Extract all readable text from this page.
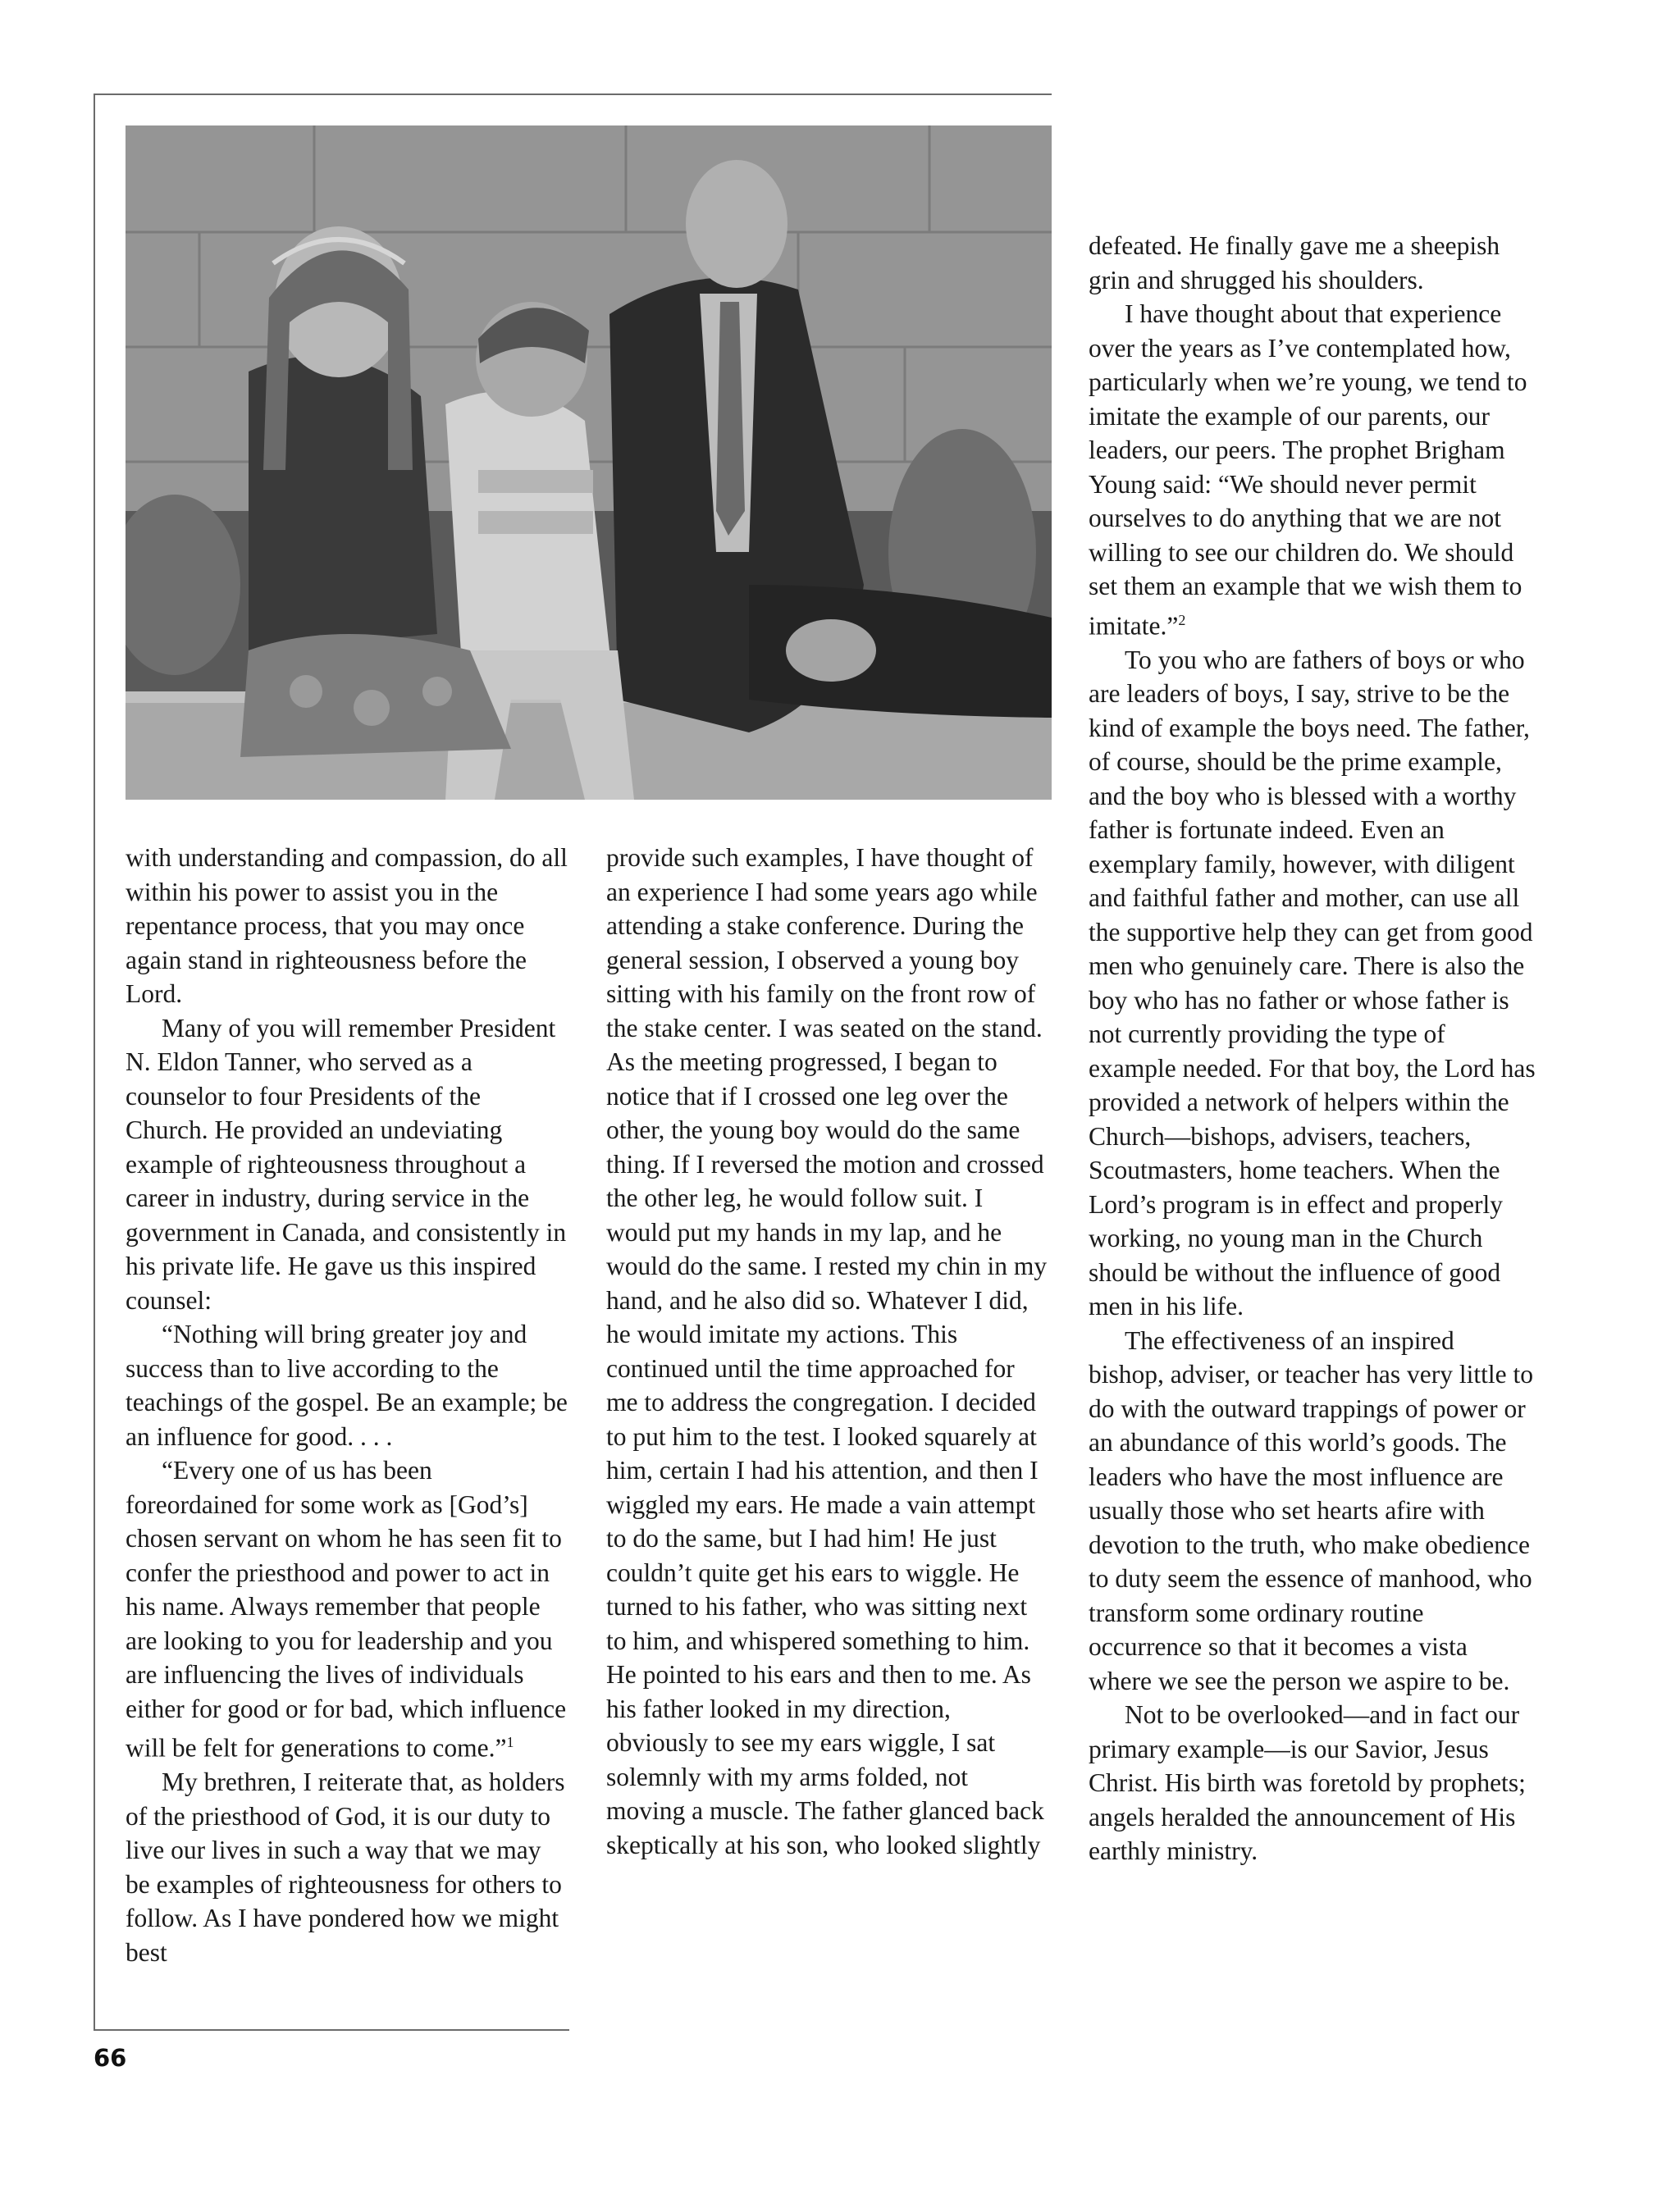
with understanding and compassion, do all within his power to assist you in the repentance process, that you may once again stand in righteousness before the Lord.

Many of you will remember President N. Eldon Tanner, who served as a counselor to four Presidents of the Church. He provided an undeviating example of righteousness throughout a career in industry, during service in the government in Canada, and consistently in his private life. He gave us this inspired counsel:

“Nothing will bring greater joy and success than to live according to the teachings of the gospel. Be an example; be an influence for good. . . .

“Every one of us has been foreordained for some work as [God’s] chosen servant on whom he has seen fit to confer the priesthood and power to act in his name. Always remember that people are looking to you for leadership and you are influencing the lives of individuals either for good or for bad, which influence will be felt for generations to come.”$^1$

My brethren, I reiterate that, as holders of the priesthood of God, it is our duty to live our lives in such a way that we may be examples of righteousness for others to follow. As I have pondered how we might best

provide such examples, I have thought of an experience I had some years ago while attending a stake conference. During the general session, I observed a young boy sitting with his family on the front row of the stake center. I was seated on the stand. As the meeting progressed, I began to notice that if I crossed one leg over the other, the young boy would do the same thing. If I reversed the motion and crossed the other leg, he would follow suit. I would put my hands in my lap, and he would do the same. I rested my chin in my hand, and he also did so. Whatever I did, he would imitate my actions. This continued until the time approached for me to address the congregation. I decided to put him to the test. I looked squarely at him, certain I had his attention, and then I wiggled my ears. He made a vain attempt to do the same, but I had him! He just couldn’t quite get his ears to wiggle. He turned to his father, who was sitting next to him, and whispered something to him. He pointed to his ears and then to me. As his father looked in my direction, obviously to see my ears wiggle, I sat solemnly with my arms folded, not moving a muscle. The father glanced back skeptically at his son, who looked slightly

defeated. He finally gave me a sheepish grin and shrugged his shoulders.

I have thought about that experience over the years as I’ve contemplated how, particularly when we’re young, we tend to imitate the example of our parents, our leaders, our peers. The prophet Brigham Young said: “We should never permit ourselves to do anything that we are not willing to see our children do. We should set them an example that we wish them to imitate.”$^2$

To you who are fathers of boys or who are leaders of boys, I say, strive to be the kind of example the boys need. The father, of course, should be the prime example, and the boy who is blessed with a worthy father is fortunate indeed. Even an exemplary family, however, with diligent and faithful father and mother, can use all the supportive help they can get from good men who genuinely care. There is also the boy who has no father or whose father is not currently providing the type of example needed. For that boy, the Lord has provided a network of helpers within the Church—bishops, advisers, teachers, Scoutmasters, home teachers. When the Lord’s program is in effect and properly working, no young man in the Church should be without the influence of good men in his life.

The effectiveness of an inspired bishop, adviser, or teacher has very little to do with the outward trappings of power or an abundance of this world’s goods. The leaders who have the most influence are usually those who set hearts afire with devotion to the truth, who make obedience to duty seem the essence of manhood, who transform some ordinary routine occurrence so that it becomes a vista where we see the person we aspire to be.

Not to be overlooked—and in fact our primary example—is our Savior, Jesus Christ. His birth was foretold by prophets; angels heralded the announcement of His earthly ministry.

66
